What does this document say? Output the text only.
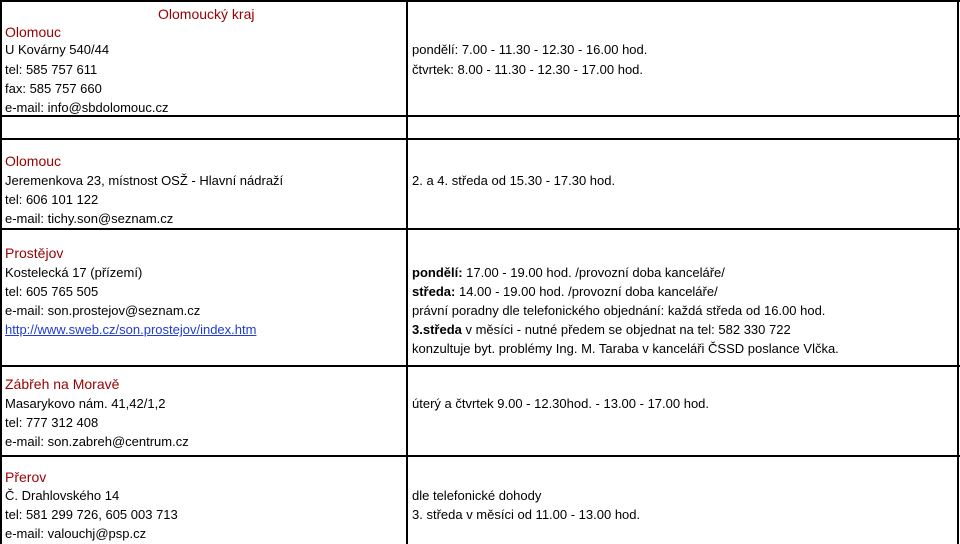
Olomouc
Olomoucký kraj
U Kovárny 540/44
tel: 585 757 611
fax: 585 757 660
e-mail: info@sbdolomouc.cz
pondělí: 7.00 - 11.30 - 12.30 - 16.00 hod.
čtvrtek: 8.00 - 11.30 - 12.30 - 17.00 hod.
Olomouc
Jeremenkova 23, místnost OSŽ - Hlavní nádraží
tel: 606 101 122
e-mail: tichy.son@seznam.cz
2. a 4. středa od 15.30 - 17.30 hod.
Prostějov
Kostelecká 17 (přízemí)
tel: 605 765 505
e-mail: son.prostejov@seznam.cz
http://www.sweb.cz/son.prostejov/index.htm
pondělí: 17.00 - 19.00 hod. /provozní doba kanceláře/
středa: 14.00 - 19.00 hod. /provozní doba kanceláře/
právní poradny dle telefonického objednání: každá středa od 16.00 hod.
3.středa v měsíci - nutné předem se objednat na tel: 582 330 722
konzultuje byt. problémy Ing. M. Taraba v kanceláři ČSSD poslance Vlčka.
Zábřeh na Moravě
Masarykovo nám. 41,42/1,2
tel: 777 312 408
e-mail: son.zabreh@centrum.cz
úterý a čtvrtek 9.00 - 12.30hod. - 13.00 - 17.00 hod.
Přerov
Č. Drahlovského 14
tel: 581 299 726, 605 003 713
e-mail: valouchj@psp.cz
dle telefonické dohody
3. středa v měsíci od 11.00 - 13.00 hod.
